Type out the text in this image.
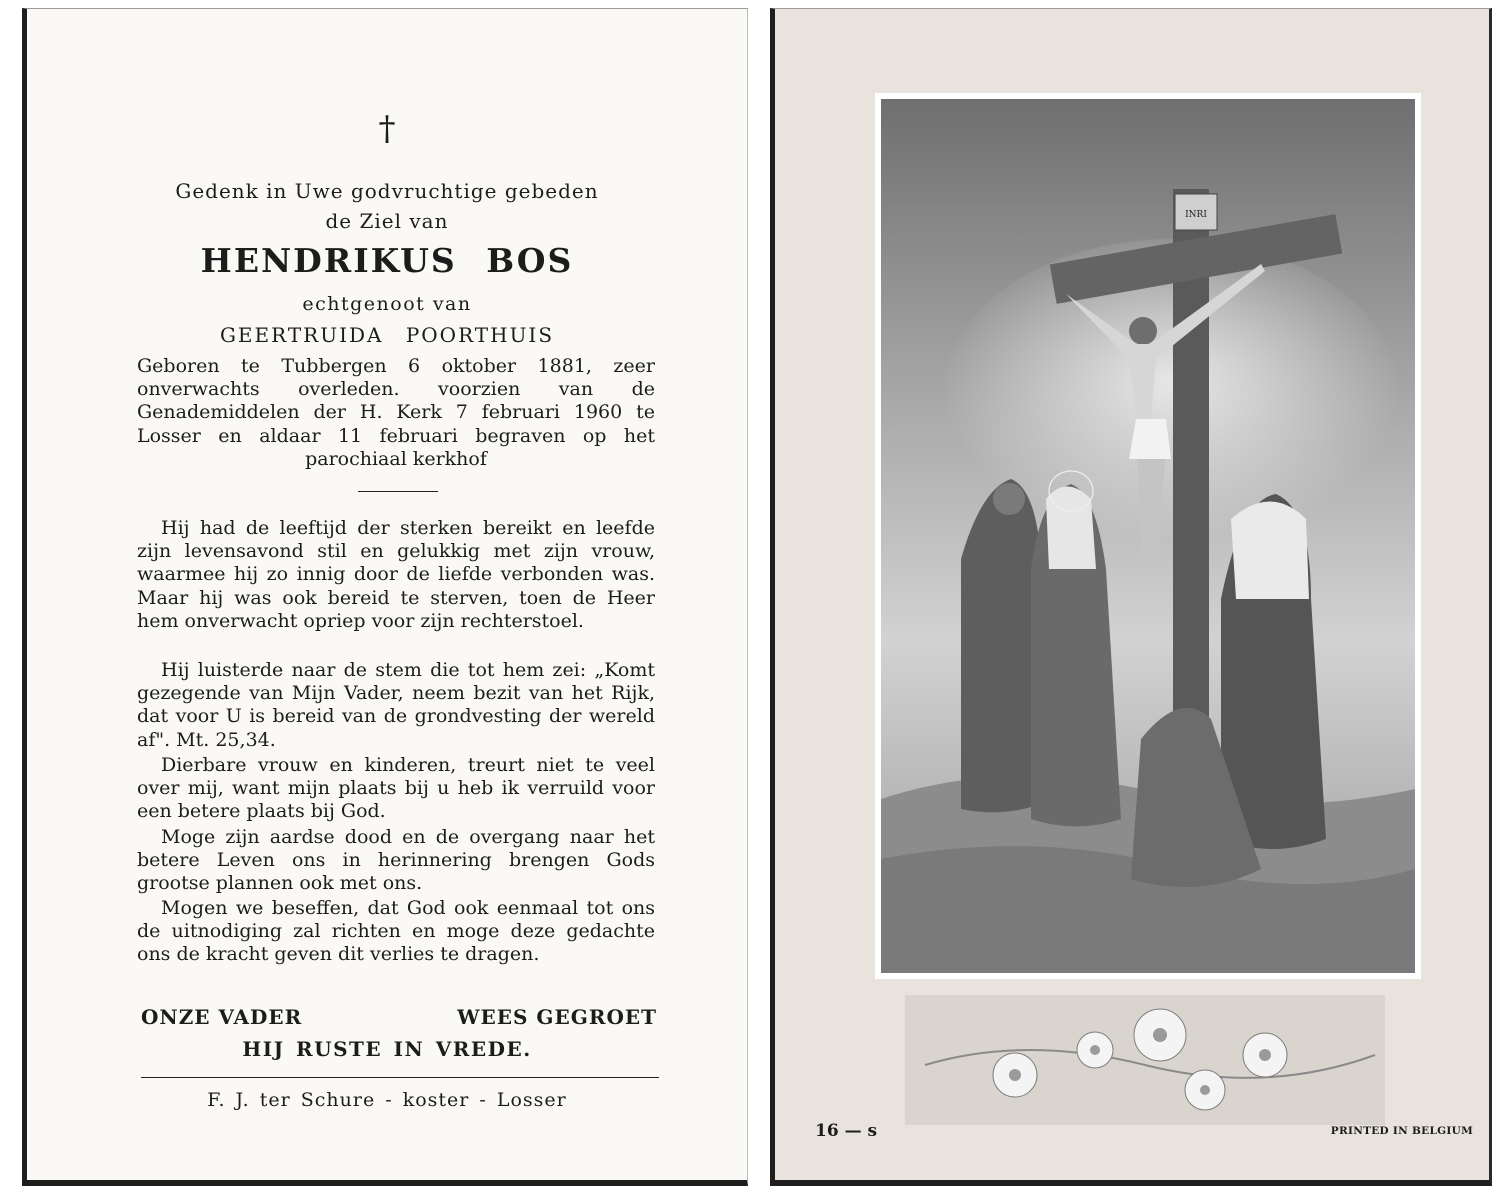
†
Gedenk in Uwe godvruchtige gebeden
de Ziel van
HENDRIKUS BOS
echtgenoot van
GEERTRUIDA POORTHUIS
Geboren te Tubbergen 6 oktober 1881, zeer onverwachts overleden. voorzien van de Genademiddelen der H. Kerk 7 februari 1960 te Losser en aldaar 11 februari begraven op het parochiaal kerkhof
Hij had de leeftijd der sterken bereikt en leefde zijn levensavond stil en gelukkig met zijn vrouw, waarmee hij zo innig door de liefde verbonden was. Maar hij was ook bereid te sterven, toen de Heer hem onverwacht opriep voor zijn rechterstoel.
Hij luisterde naar de stem die tot hem zei: „Komt gezegende van Mijn Vader, neem bezit van het Rijk, dat voor U is bereid van de grondvesting der wereld af". Mt. 25,34.
Dierbare vrouw en kinderen, treurt niet te veel over mij, want mijn plaats bij u heb ik verruild voor een betere plaats bij God.
Moge zijn aardse dood en de overgang naar het betere Leven ons in herinnering brengen Gods grootse plannen ook met ons.
Mogen we beseffen, dat God ook eenmaal tot ons de uitnodiging zal richten en moge deze gedachte ons de kracht geven dit verlies te dragen.
ONZE VADER	WEES GEGROET
HIJ RUSTE IN VREDE.
F. J. ter Schure - koster - Losser
INRI
16 — s	PRINTED IN BELGIUM
